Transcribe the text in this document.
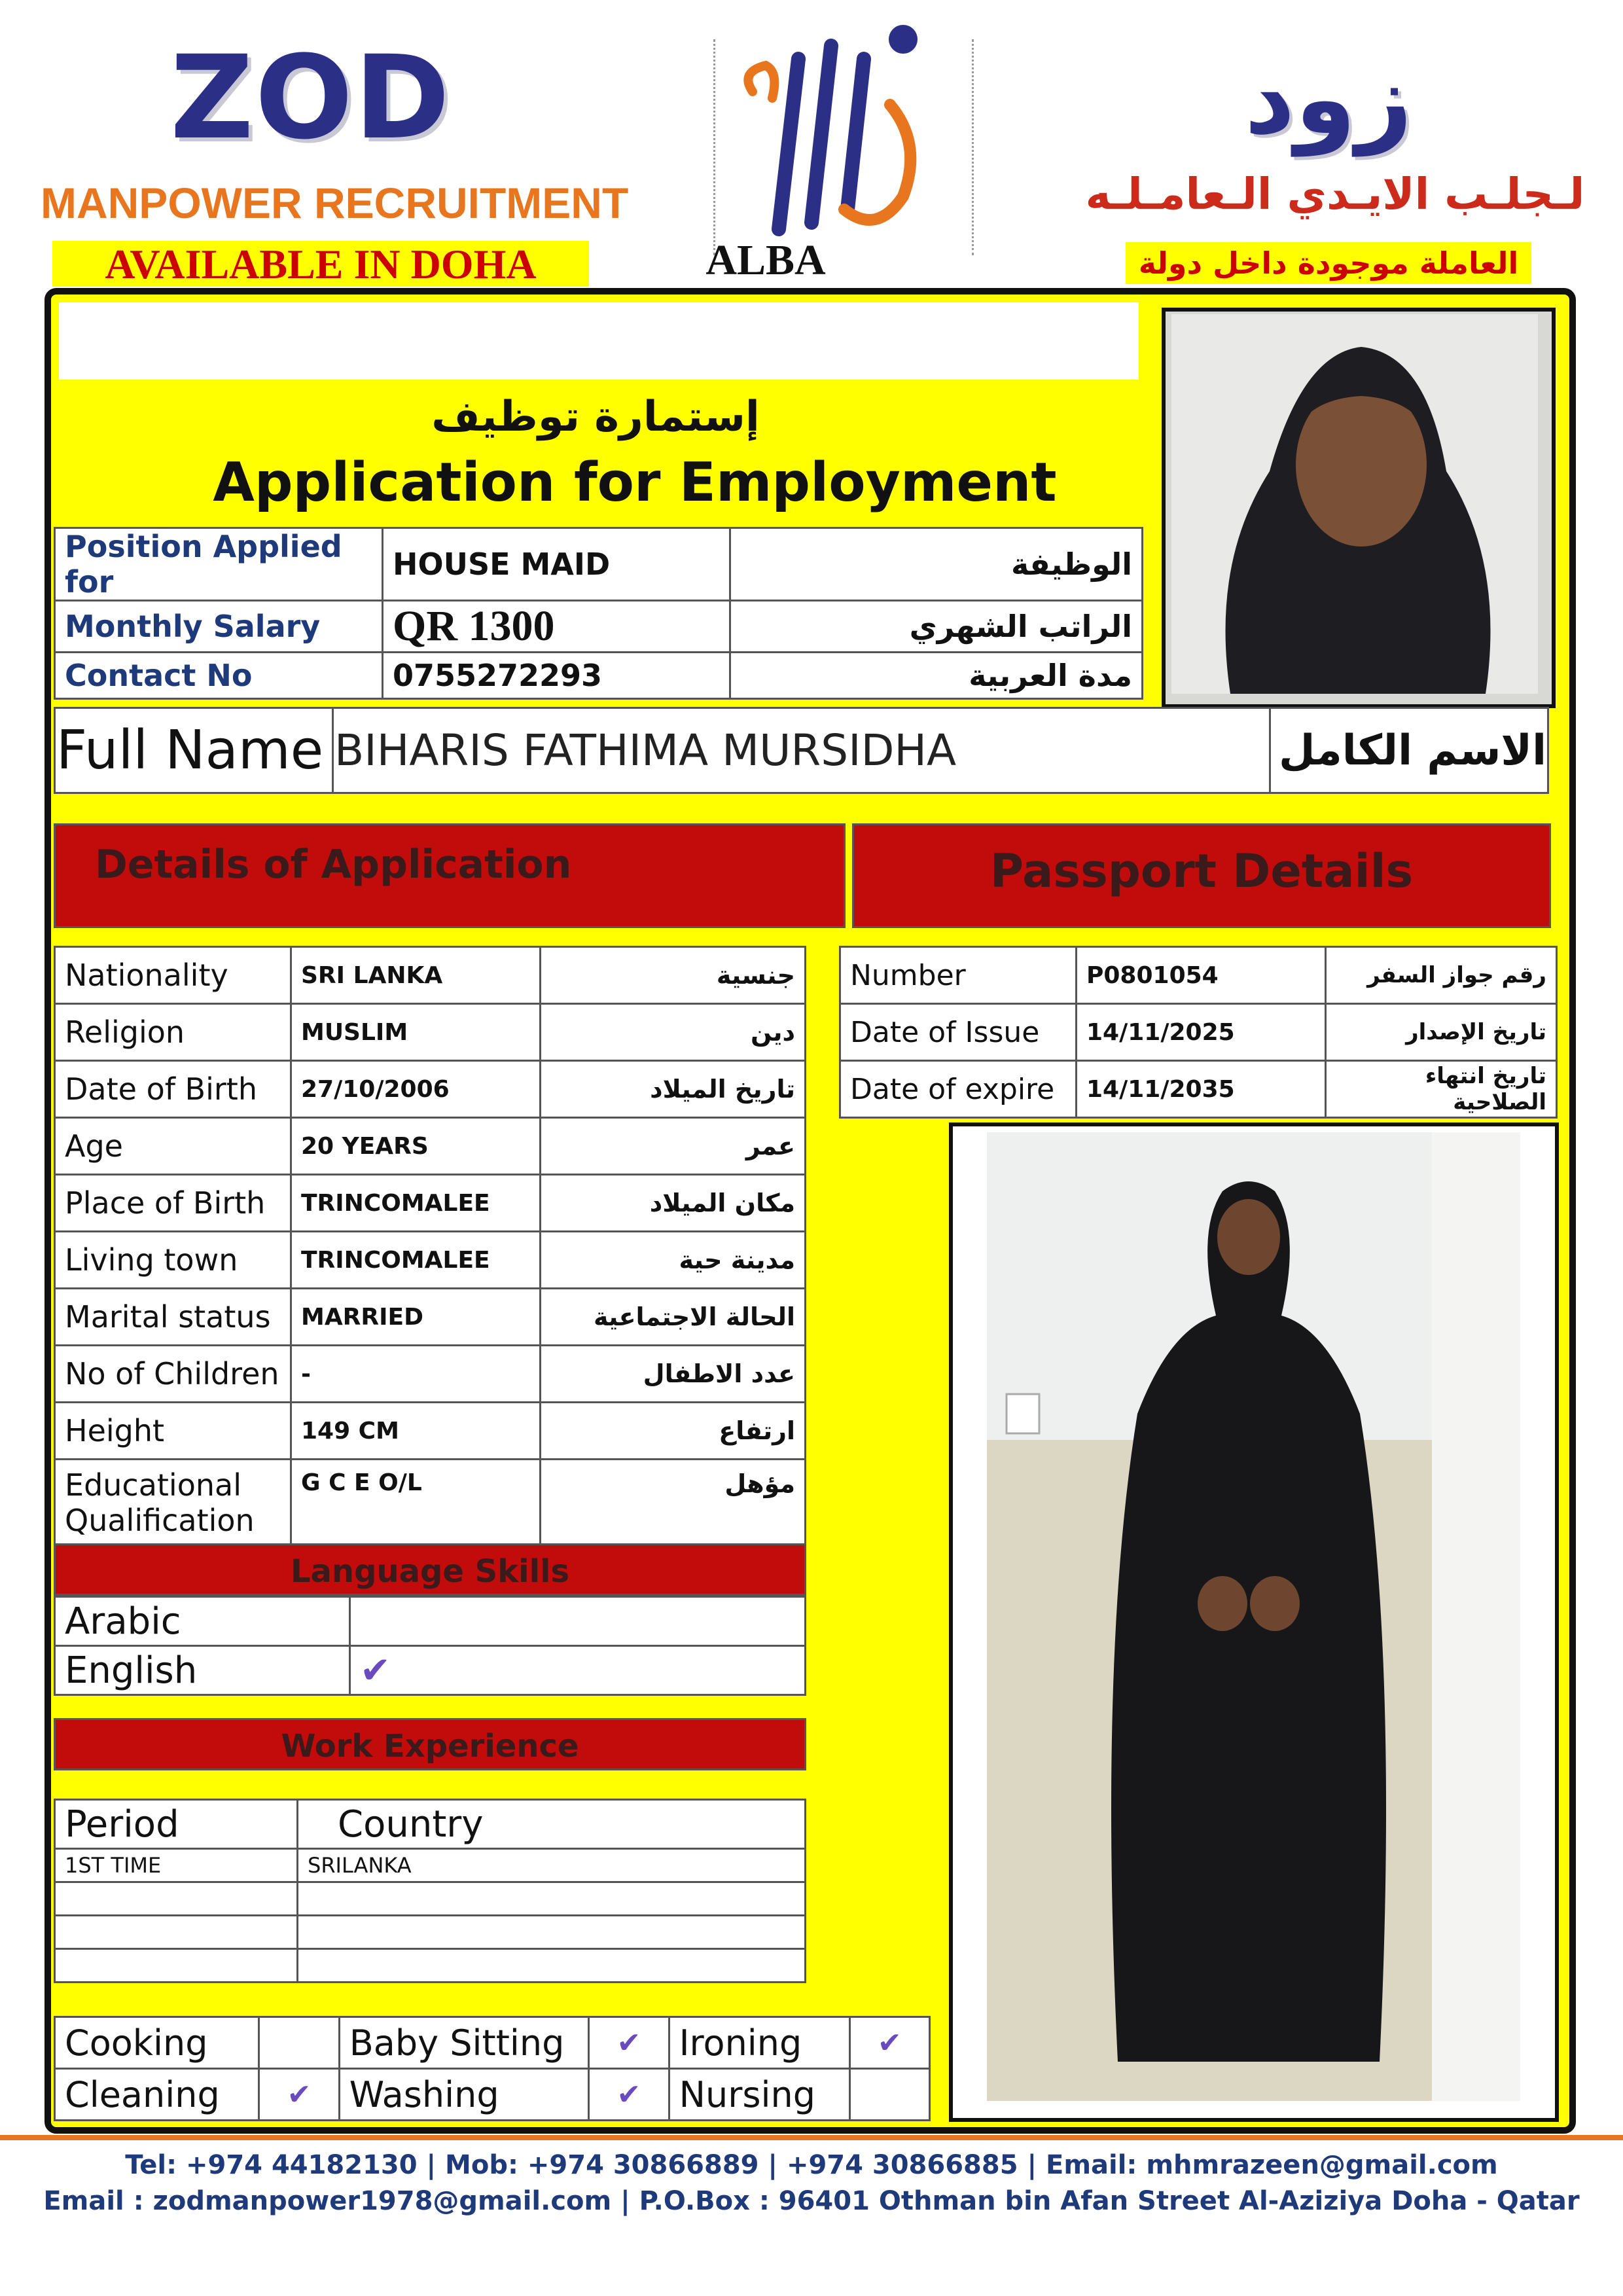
ZOD
MANPOWER RECRUITMENT
AVAILABLE IN DOHA	ALBA
زود
لـجلـب الايـدي الـعامـلـه
العاملة موجودة داخل دولة
إستمارة توظيف
Application for Employment
Position Applied for	HOUSE MAID	الوظيفة
Monthly Salary	QR 1300	الراتب الشهري
Contact No	0755272293	مدة العربية
Full Name	BIHARIS FATHIMA MURSIDHA	الاسم الكامل
Details of Application	Passport Details
Nationality	SRI LANKA	جنسية
Religion	MUSLIM	دين
Date of Birth	27/10/2006	تاريخ الميلاد
Age	20 YEARS	عمر
Place of Birth	TRINCOMALEE	مكان الميلاد
Living town	TRINCOMALEE	مدينة حية
Marital status	MARRIED	الحالة الاجتماعية
No of Children	-	عدد الاطفال
Height	149 CM	ارتفاع
Educational Qualification	G C E O/L	مؤهل
Number	P0801054	رقم جواز السفر
Date of Issue	14/11/2025	تاريخ الإصدار
Date of expire	14/11/2035	تاريخ انتهاء الصلاحية
Language Skills
Arabic	
English	✔
Work Experience
Period	Country
1ST TIME	SRILANKA

Cooking		Baby Sitting	✔	Ironing	✔
Cleaning	✔	Washing	✔	Nursing	
Tel: +974 44182130 | Mob: +974 30866889 | +974 30866885 | Email: mhmrazeen@gmail.com
Email : zodmanpower1978@gmail.com | P.O.Box : 96401 Othman bin Afan Street Al-Aziziya Doha - Qatar
